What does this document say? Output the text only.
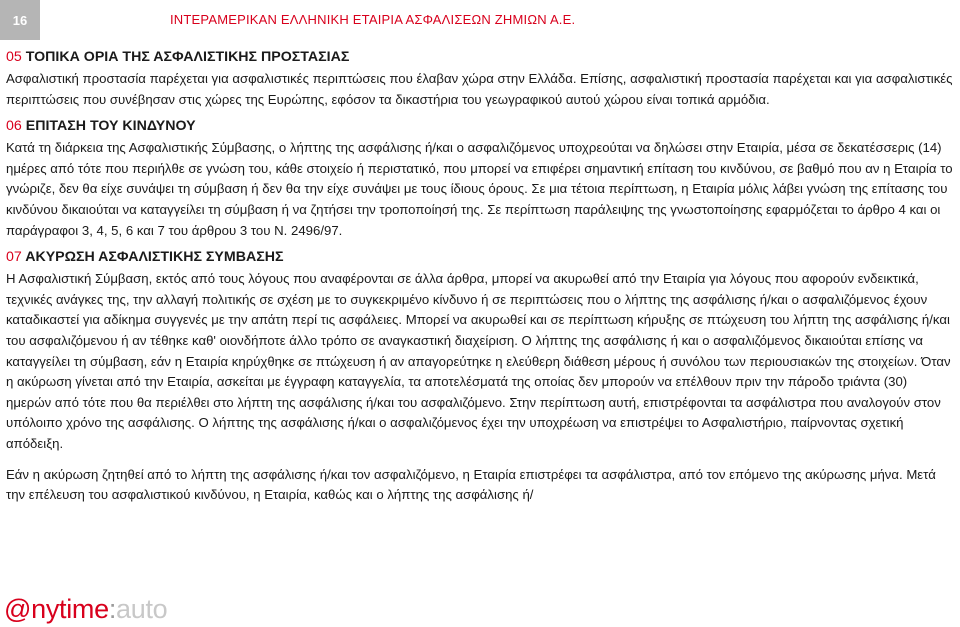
16	ΙΝΤΕΡΑΜΕΡΙΚΑΝ ΕΛΛΗΝΙΚΗ ΕΤΑΙΡΙΑ ΑΣΦΑΛΙΣΕΩΝ ΖΗΜΙΩΝ Α.Ε.
05 ΤΟΠΙΚΑ ΟΡΙΑ ΤΗΣ ΑΣΦΑΛΙΣΤΙΚΗΣ ΠΡΟΣΤΑΣΙΑΣ

Ασφαλιστική προστασία παρέχεται για ασφαλιστικές περιπτώσεις που έλαβαν χώρα στην Ελλάδα. Επίσης, ασφαλιστική προστασία παρέχεται και για ασφαλιστικές περιπτώσεις που συνέβησαν στις χώρες της Ευρώπης, εφόσον τα δικαστήρια του γεωγραφικού αυτού χώρου είναι τοπικά αρμόδια.

06 ΕΠΙΤΑΣΗ ΤΟΥ ΚΙΝΔΥΝΟΥ

Κατά τη διάρκεια της Ασφαλιστικής Σύμβασης, ο λήπτης της ασφάλισης ή/και ο ασφαλιζόμενος υποχρεούται να δηλώσει στην Εταιρία, μέσα σε δεκατέσσερις (14) ημέρες από τότε που περιήλθε σε γνώση του, κάθε στοιχείο ή περιστατικό, που μπορεί να επιφέρει σημαντική επίταση του κινδύνου, σε βαθμό που αν η Εταιρία το γνώριζε, δεν θα είχε συνάψει τη σύμβαση ή δεν θα την είχε συνάψει με τους ίδιους όρους. Σε μια τέτοια περίπτωση, η Εταιρία μόλις λάβει γνώση της επίτασης του κινδύνου δικαιούται να καταγγείλει τη σύμβαση ή να ζητήσει την τροποποίησή της. Σε περίπτωση παράλειψης της γνωστοποίησης εφαρμόζεται το άρθρο 4 και οι παράγραφοι 3, 4, 5, 6 και 7 του άρθρου 3 του Ν. 2496/97.

07 ΑΚΥΡΩΣΗ ΑΣΦΑΛΙΣΤΙΚΗΣ ΣΥΜΒΑΣΗΣ

Η Ασφαλιστική Σύμβαση, εκτός από τους λόγους που αναφέρονται σε άλλα άρθρα, μπορεί να ακυρωθεί από την Εταιρία για λόγους που αφορούν ενδεικτικά, τεχνικές ανάγκες της, την αλλαγή πολιτικής σε σχέση με το συγκεκριμένο κίνδυνο ή σε περιπτώσεις που ο λήπτης της ασφάλισης ή/και ο ασφαλιζόμενος έχουν καταδικαστεί για αδίκημα συγγενές με την απάτη περί τις ασφάλειες. Μπορεί να ακυρωθεί και σε περίπτωση κήρυξης σε πτώχευση του λήπτη της ασφάλισης ή/και του ασφαλιζόμενου ή αν τέθηκε καθ' οιονδήποτε άλλο τρόπο σε αναγκαστική διαχείριση. Ο λήπτης της ασφάλισης ή και ο ασφαλιζόμενος δικαιούται επίσης να καταγγείλει τη σύμβαση, εάν η Εταιρία κηρύχθηκε σε πτώχευση ή αν απαγορεύτηκε η ελεύθερη διάθεση μέρους ή συνόλου των περιουσιακών της στοιχείων. Όταν η ακύρωση γίνεται από την Εταιρία, ασκείται με έγγραφη καταγγελία, τα αποτελέσματά της οποίας δεν μπορούν να επέλθουν πριν την πάροδο τριάντα (30) ημερών από τότε που θα περιέλθει στο λήπτη της ασφάλισης ή/και του ασφαλιζόμενο. Στην περίπτωση αυτή, επιστρέφονται τα ασφάλιστρα που αναλογούν στον υπόλοιπο χρόνο της ασφάλισης. Ο λήπτης της ασφάλισης ή/και ο ασφαλιζόμενος έχει την υποχρέωση να επιστρέψει το Ασφαλιστήριο, παίρνοντας σχετική απόδειξη.

Εάν η ακύρωση ζητηθεί από το λήπτη της ασφάλισης ή/και τον ασφαλιζόμενο, η Εταιρία επιστρέφει τα ασφάλιστρα, από τον επόμενο της ακύρωσης μήνα. Μετά την επέλευση του ασφαλιστικού κινδύνου, η Εταιρία, καθώς και ο λήπτης της ασφάλισης ή/

@nytime:auto
